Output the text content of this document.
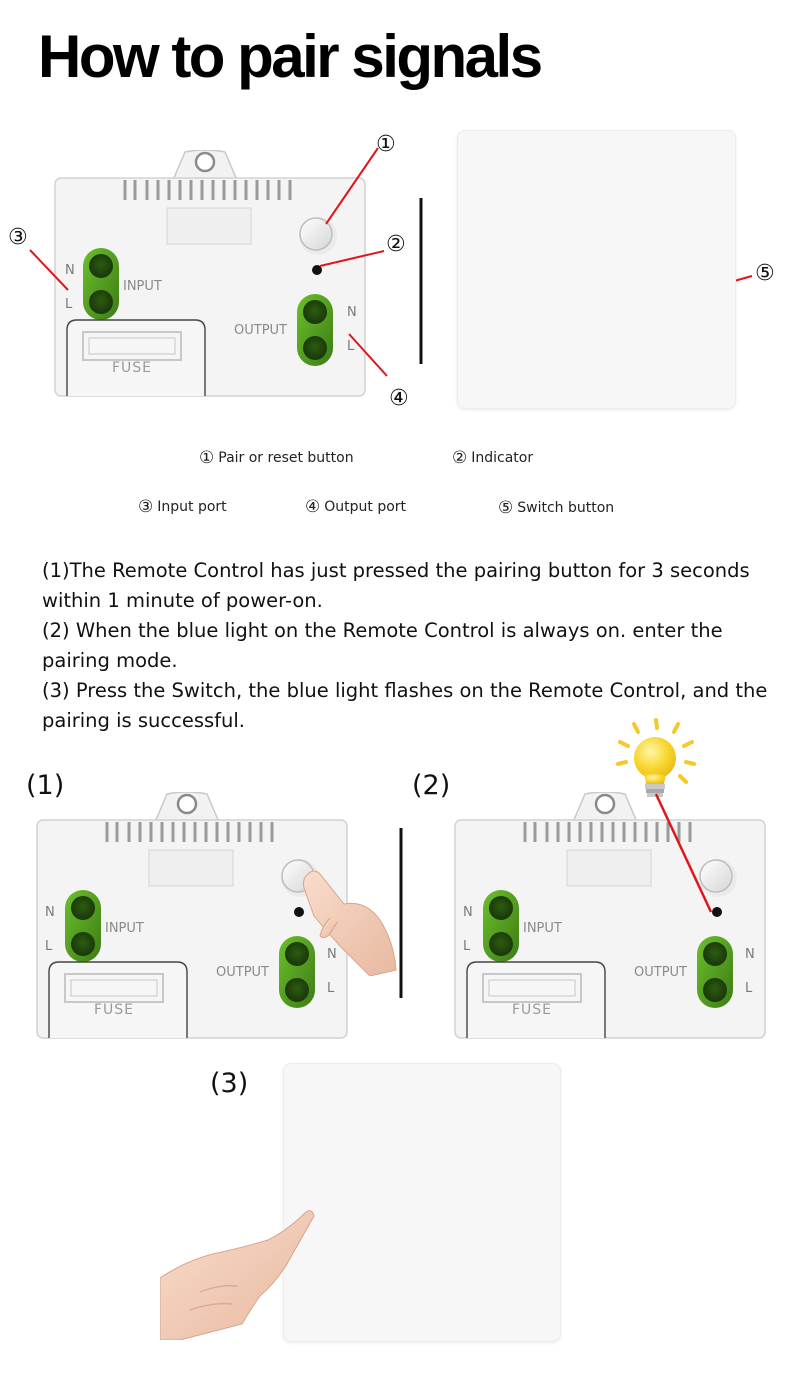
How to pair signals
N
L
INPUT
OUTPUT
N
L
FUSE
①
②
③
④
⑤
① Pair or reset button	② Indicator
③ Input port	④ Output port	⑤ Switch button

(1)The Remote Control has just pressed the pairing button for 3 seconds within 1 minute of power-on.

(2) When the blue light on the Remote Control is always on. enter the pairing mode.

(3) Press the Switch, the blue light flashes on the Remote Control, and the pairing is successful.

(1)	(2)
(3)
N
L
INPUT
OUTPUT
N
L
FUSE
N
L
INPUT
OUTPUT
N
L
FUSE
